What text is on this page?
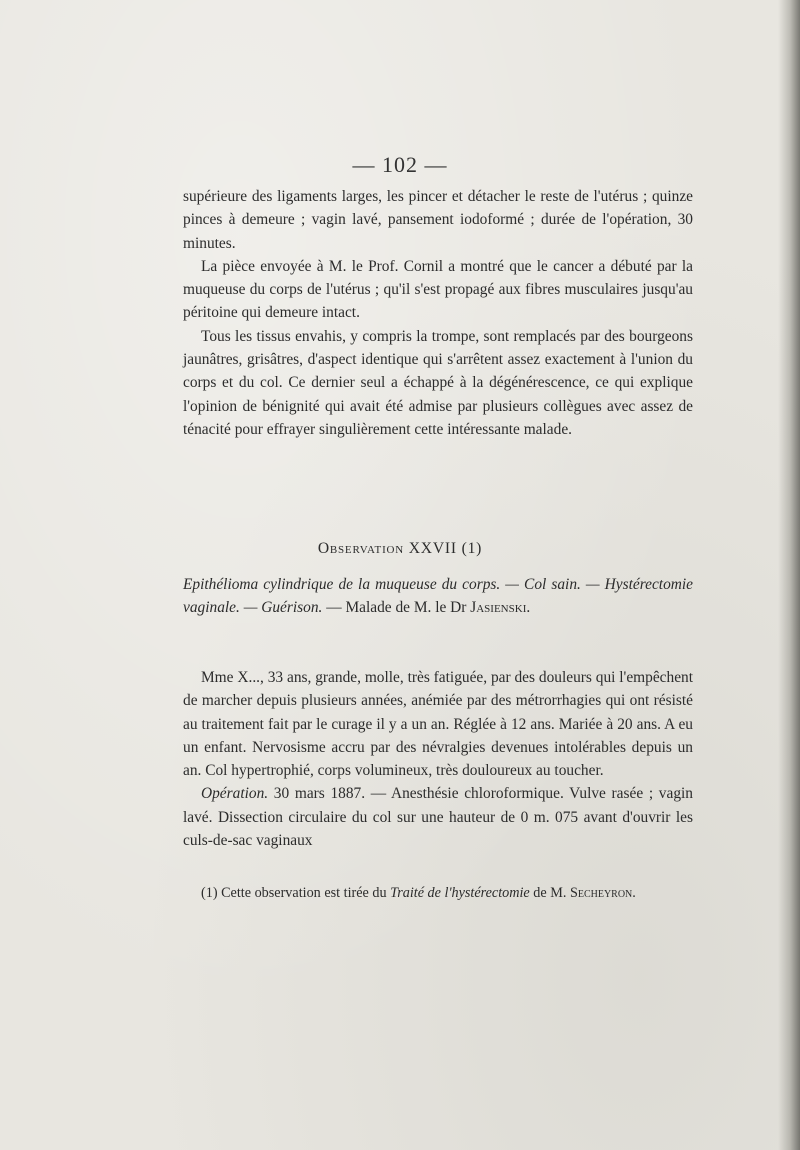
— 102 —

supérieure des ligaments larges, les pincer et détacher le reste de l'utérus ; quinze pinces à demeure ; vagin lavé, pansement iodoformé ; durée de l'opération, 30 minutes.

La pièce envoyée à M. le Prof. Cornil a montré que le cancer a débuté par la muqueuse du corps de l'utérus ; qu'il s'est propagé aux fibres musculaires jusqu'au péritoine qui demeure intact.

Tous les tissus envahis, y compris la trompe, sont remplacés par des bourgeons jaunâtres, grisâtres, d'aspect identique qui s'arrêtent assez exactement à l'union du corps et du col. Ce dernier seul a échappé à la dégénérescence, ce qui explique l'opinion de bénignité qui avait été admise par plusieurs collègues avec assez de ténacité pour effrayer singulièrement cette intéressante malade.

Observation XXVII (1)

Epithélioma cylindrique de la muqueuse du corps. — Col sain. — Hystérectomie vaginale. — Guérison. — Malade de M. le Dr Jasienski.

Mme X..., 33 ans, grande, molle, très fatiguée, par des douleurs qui l'empêchent de marcher depuis plusieurs années, anémiée par des métrorrhagies qui ont résisté au traitement fait par le curage il y a un an. Réglée à 12 ans. Mariée à 20 ans. A eu un enfant. Nervosisme accru par des névralgies devenues intolérables depuis un an. Col hypertrophié, corps volumineux, très douloureux au toucher.

Opération. 30 mars 1887. — Anesthésie chloroformique. Vulve rasée ; vagin lavé. Dissection circulaire du col sur une hauteur de 0 m. 075 avant d'ouvrir les culs-de-sac vaginaux

(1) Cette observation est tirée du Traité de l'hystérectomie de M. Secheyron.
